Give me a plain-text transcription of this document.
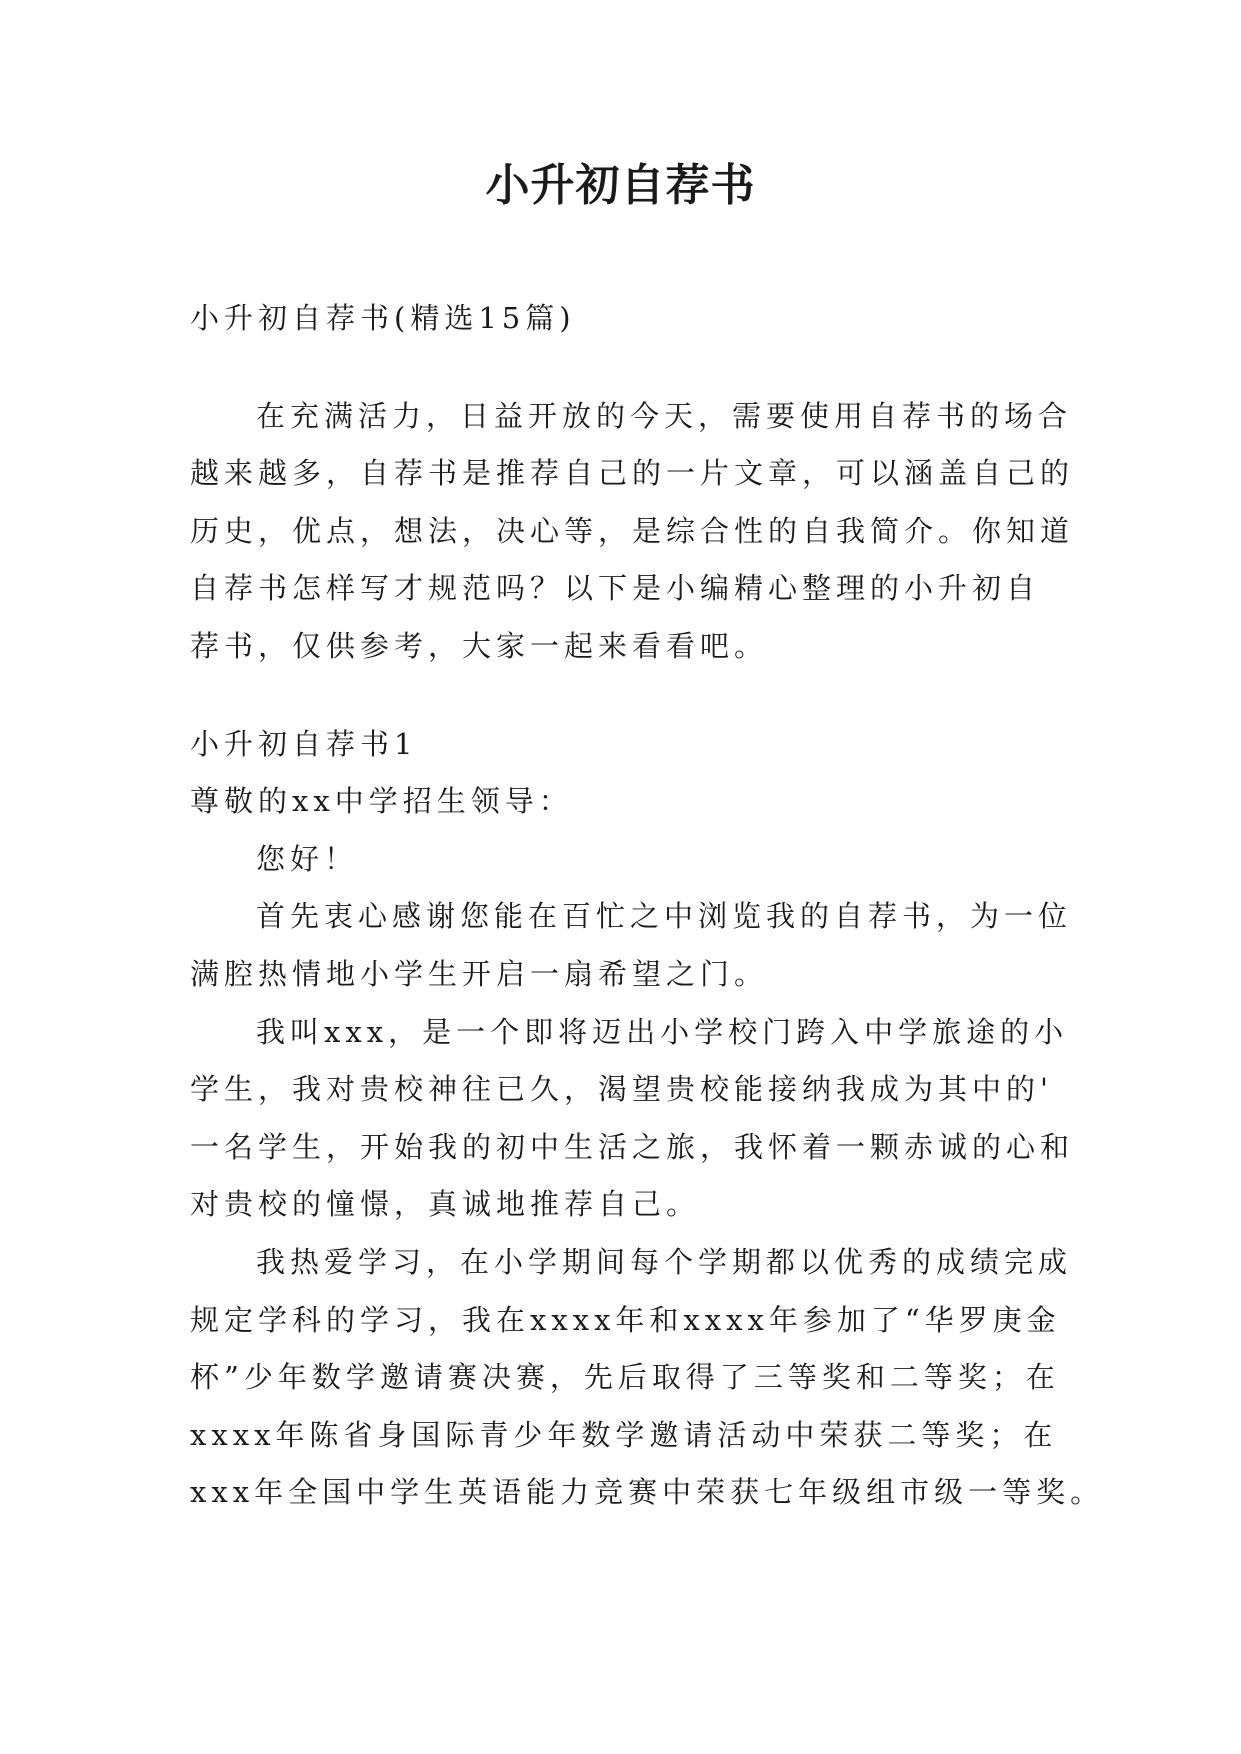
小升初自荐书
小升初自荐书(精选15篇)
在充满活力，日益开放的今天，需要使用自荐书的场合
越来越多，自荐书是推荐自己的一片文章，可以涵盖自己的
历史，优点，想法，决心等，是综合性的自我简介。你知道
自荐书怎样写才规范吗？以下是小编精心整理的小升初自
荐书，仅供参考，大家一起来看看吧。
小升初自荐书1
尊敬的xx中学招生领导：
您好！
首先衷心感谢您能在百忙之中浏览我的自荐书，为一位
满腔热情地小学生开启一扇希望之门。
我叫xxx，是一个即将迈出小学校门跨入中学旅途的小
学生，我对贵校神往已久，渴望贵校能接纳我成为其中的'
一名学生，开始我的初中生活之旅，我怀着一颗赤诚的心和
对贵校的憧憬，真诚地推荐自己。
我热爱学习，在小学期间每个学期都以优秀的成绩完成
规定学科的学习，我在xxxx年和xxxx年参加了“华罗庚金
杯”少年数学邀请赛决赛，先后取得了三等奖和二等奖；在
xxxx年陈省身国际青少年数学邀请活动中荣获二等奖；在
xxx年全国中学生英语能力竞赛中荣获七年级组市级一等奖。
